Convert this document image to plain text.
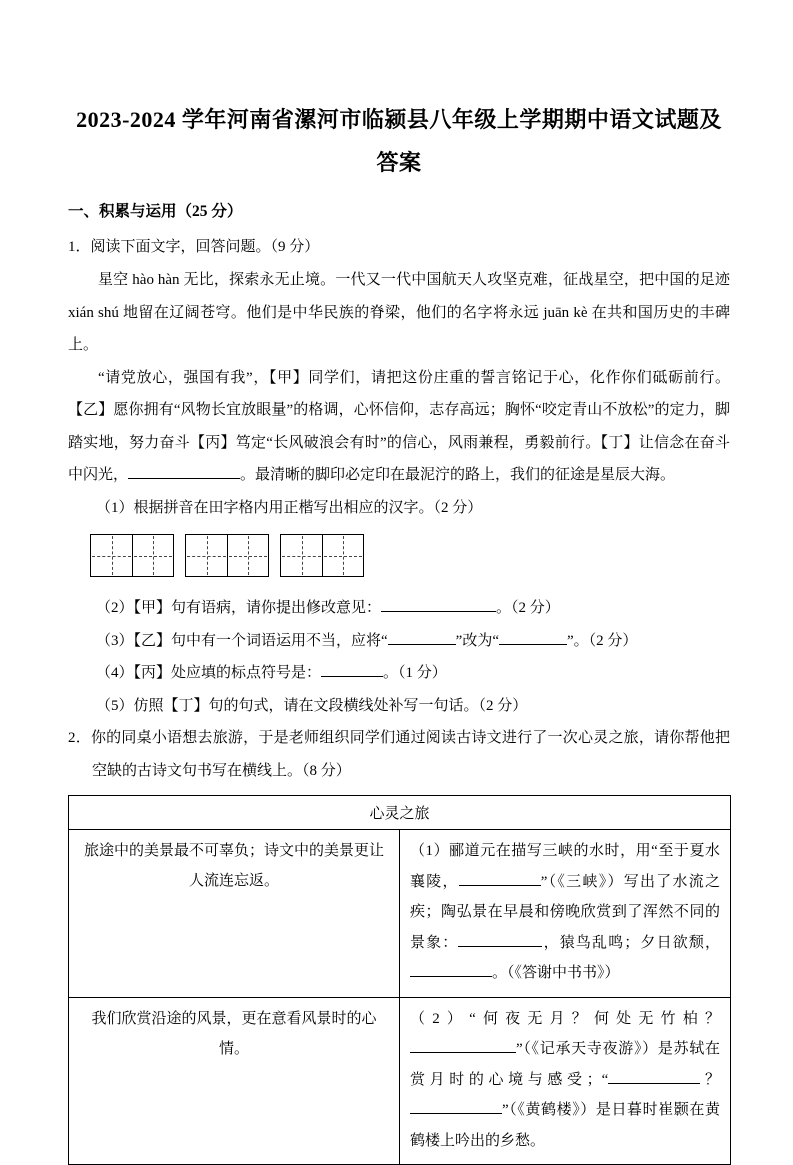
2023-2024 学年河南省漯河市临颍县八年级上学期期中语文试题及答案
一、积累与运用（25 分）
1．阅读下面文字，回答问题。（9 分）

星空 hào hàn 无比，探索永无止境。一代又一代中国航天人攻坚克难，征战星空，把中国的足迹 xián shú 地留在辽阔苍穹。他们是中华民族的脊梁，他们的名字将永远 juān kè 在共和国历史的丰碑上。

“请党放心，强国有我”，【甲】同学们，请把这份庄重的誓言铭记于心，化作你们砥砺前行。【乙】愿你拥有“风物长宜放眼量”的格调，心怀信仰，志存高远；胸怀“咬定青山不放松”的定力，脚踏实地，努力奋斗【丙】笃定“长风破浪会有时”的信心，风雨兼程，勇毅前行。【丁】让信念在奋斗中闪光，	。最清晰的脚印必定印在最泥泞的路上，我们的征途是星辰大海。

（1）根据拼音在田字格内用正楷写出相应的汉字。（2 分）
（2）【甲】句有语病，请你提出修改意见：	。（2 分）
（3）【乙】句中有一个词语运用不当，应将“	”改为“	”。（2 分）
（4）【丙】处应填的标点符号是：	。（1 分）
（5）仿照【丁】句的句式，请在文段横线处补写一句话。（2 分）
2．你的同桌小语想去旅游，于是老师组织同学们通过阅读古诗文进行了一次心灵之旅，请你帮他把空缺的古诗文句书写在横线上。（8 分）
心灵之旅	
旅途中的美景最不可辜负；诗文中的美景更让人流连忘返。	（1）郦道元在描写三峡的水时，用“至于夏水襄陵， ”（《三峡》）写出了水流之疾；陶弘景在早晨和傍晚欣赏到了浑然不同的景象： ，猿鸟乱鸣；夕日欲颓，。（《答谢中书书》）
我们欣赏沿途的风景，更在意看风景时的心情。	（2）“何夜无月？何处无竹柏？”（《记承天寺夜游》）是苏轼在赏月时的心境与感受；“ ？”（《黄鹤楼》）是日暮时崔颢在黄鹤楼上吟出的乡愁。
